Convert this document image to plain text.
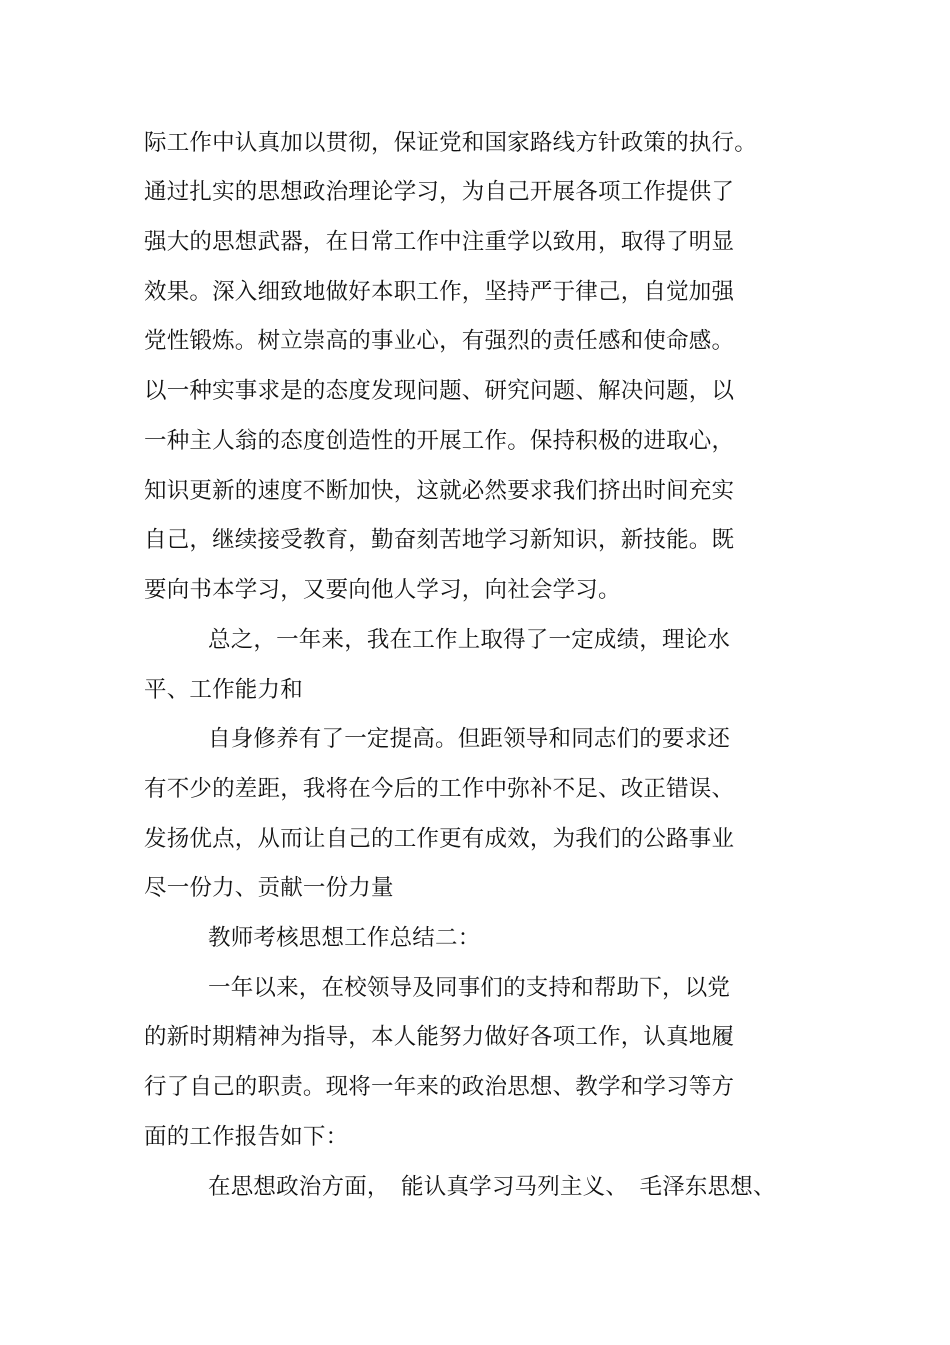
际工作中认真加以贯彻，保证党和国家路线方针政策的执行。
通过扎实的思想政治理论学习，为自己开展各项工作提供了
强大的思想武器，在日常工作中注重学以致用，取得了明显
效果。深入细致地做好本职工作，坚持严于律己，自觉加强
党性锻炼。树立崇高的事业心，有强烈的责任感和使命感。
以一种实事求是的态度发现问题、研究问题、解决问题，以
一种主人翁的态度创造性的开展工作。保持积极的进取心，
知识更新的速度不断加快，这就必然要求我们挤出时间充实
自己，继续接受教育，勤奋刻苦地学习新知识，新技能。既
要向书本学习，又要向他人学习，向社会学习。
总之，一年来，我在工作上取得了一定成绩，理论水
平、工作能力和
自身修养有了一定提高。但距领导和同志们的要求还
有不少的差距，我将在今后的工作中弥补不足、改正错误、
发扬优点，从而让自己的工作更有成效，为我们的公路事业
尽一份力、贡献一份力量
教师考核思想工作总结二：
一年以来，在校领导及同事们的支持和帮助下，以党
的新时期精神为指导，本人能努力做好各项工作，认真地履
行了自己的职责。现将一年来的政治思想、教学和学习等方
面的工作报告如下：
在思想政治方面，　能认真学习马列主义、　毛泽东思想、
